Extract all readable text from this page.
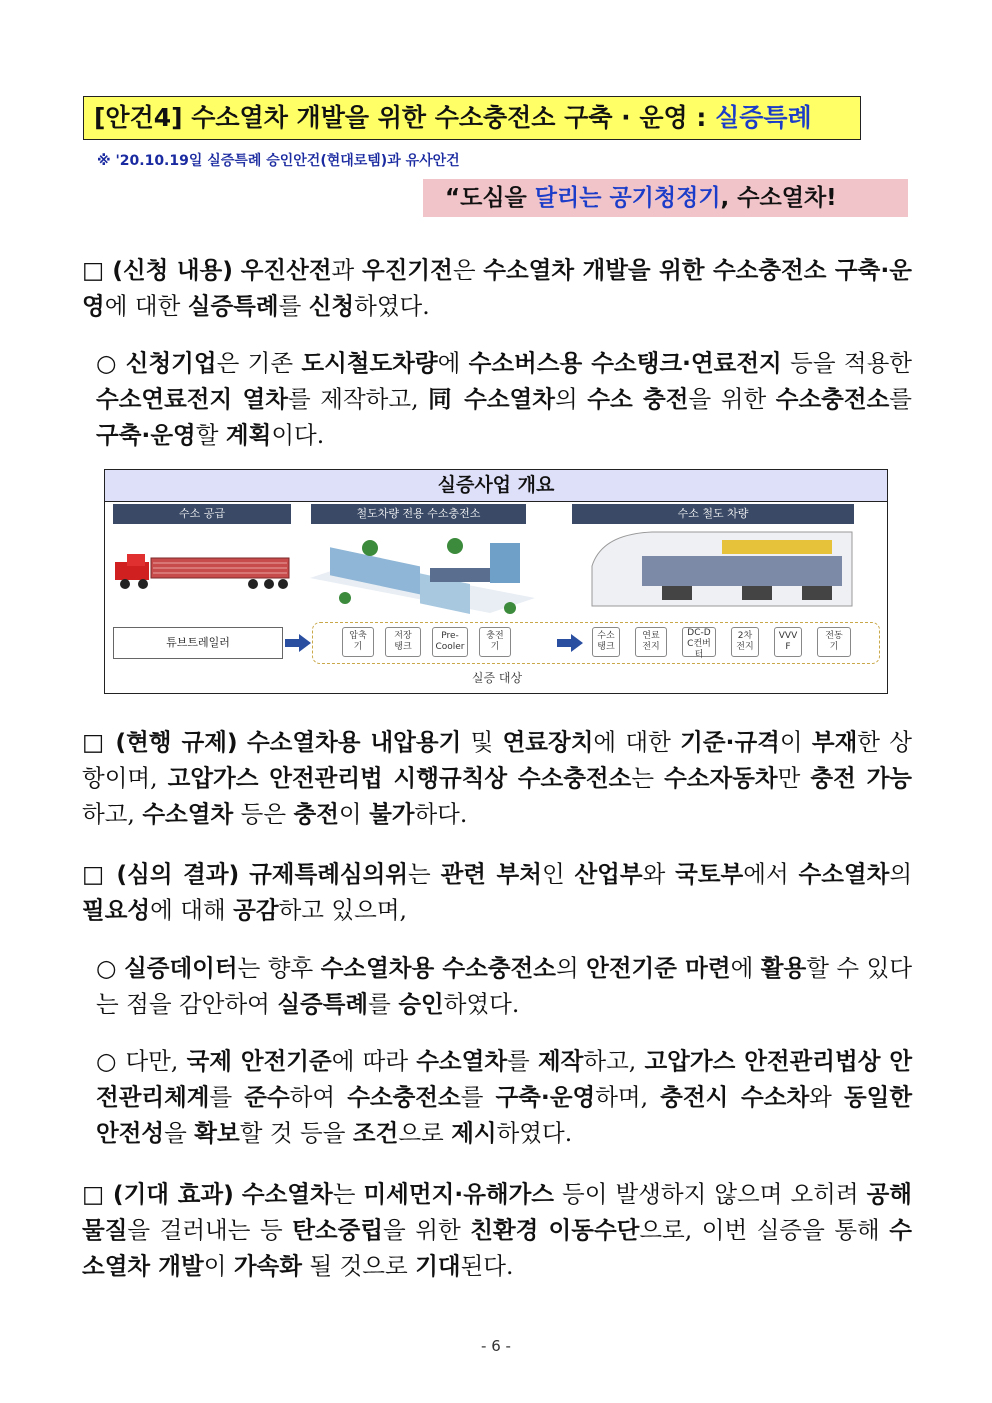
[안건4] 수소열차 개발을 위한 수소충전소 구축 · 운영 : 실증특례
※ '20.10.19일 실증특례 승인안건(현대로템)과 유사안건
“도심을 달리는 공기청정기, 수소열차!
□ (신청 내용) 우진산전과 우진기전은 수소열차 개발을 위한 수소충전소 구축·운영에 대한 실증특례를 신청하였다.
○ 신청기업은 기존 도시철도차량에 수소버스용 수소탱크·연료전지 등을 적용한 수소연료전지 열차를 제작하고, 同 수소열차의 수소 충전을 위한 수소충전소를 구축·운영할 계획이다.
실증사업 개요
수소 공급	철도차량 전용 수소충전소	수소 철도 차량
튜브트레일러	압축
기
저장
탱크
Pre-
Cooler
충전
기
수소
탱크
연료
전지
DC-D
C컨버
터
2차
전지
VVV
F
전동
기
실증 대상
□ (현행 규제) 수소열차용 내압용기 및 연료장치에 대한 기준·규격이 부재한 상항이며, 고압가스 안전관리법 시행규칙상 수소충전소는 수소자동차만 충전 가능하고, 수소열차 등은 충전이 불가하다.
□ (심의 결과) 규제특례심의위는 관련 부처인 산업부와 국토부에서 수소열차의 필요성에 대해 공감하고 있으며,
○ 실증데이터는 향후 수소열차용 수소충전소의 안전기준 마련에 활용할 수 있다는 점을 감안하여 실증특례를 승인하였다.
○ 다만, 국제 안전기준에 따라 수소열차를 제작하고, 고압가스 안전관리법상 안전관리체계를 준수하여 수소충전소를 구축·운영하며, 충전시 수소차와 동일한 안전성을 확보할 것 등을 조건으로 제시하였다.
□ (기대 효과) 수소열차는 미세먼지·유해가스 등이 발생하지 않으며 오히려 공해물질을 걸러내는 등 탄소중립을 위한 친환경 이동수단으로, 이번 실증을 통해 수소열차 개발이 가속화 될 것으로 기대된다.
- 6 -
